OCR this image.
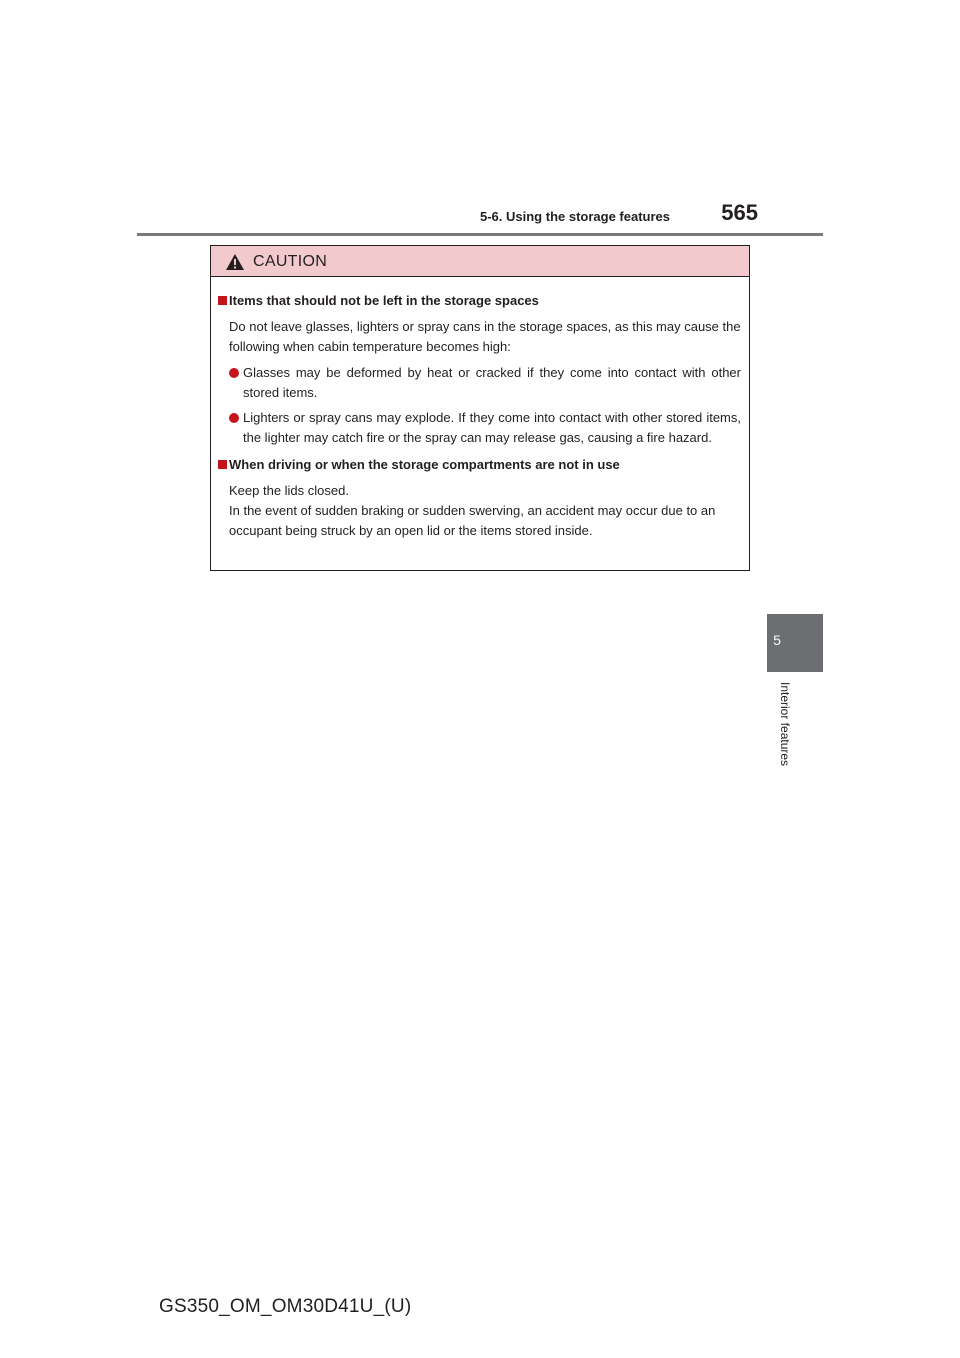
5-6. Using the storage features	565
5
Interior features
CAUTION
Items that should not be left in the storage spaces
Do not leave glasses, lighters or spray cans in the storage spaces, as this may cause the following when cabin temperature becomes high:
Glasses may be deformed by heat or cracked if they come into contact with other stored items.
Lighters or spray cans may explode. If they come into contact with other stored items, the lighter may catch fire or the spray can may release gas, causing a fire hazard.
When driving or when the storage compartments are not in use
Keep the lids closed.
In the event of sudden braking or sudden swerving, an accident may occur due to an occupant being struck by an open lid or the items stored inside.
GS350_OM_OM30D41U_(U)
